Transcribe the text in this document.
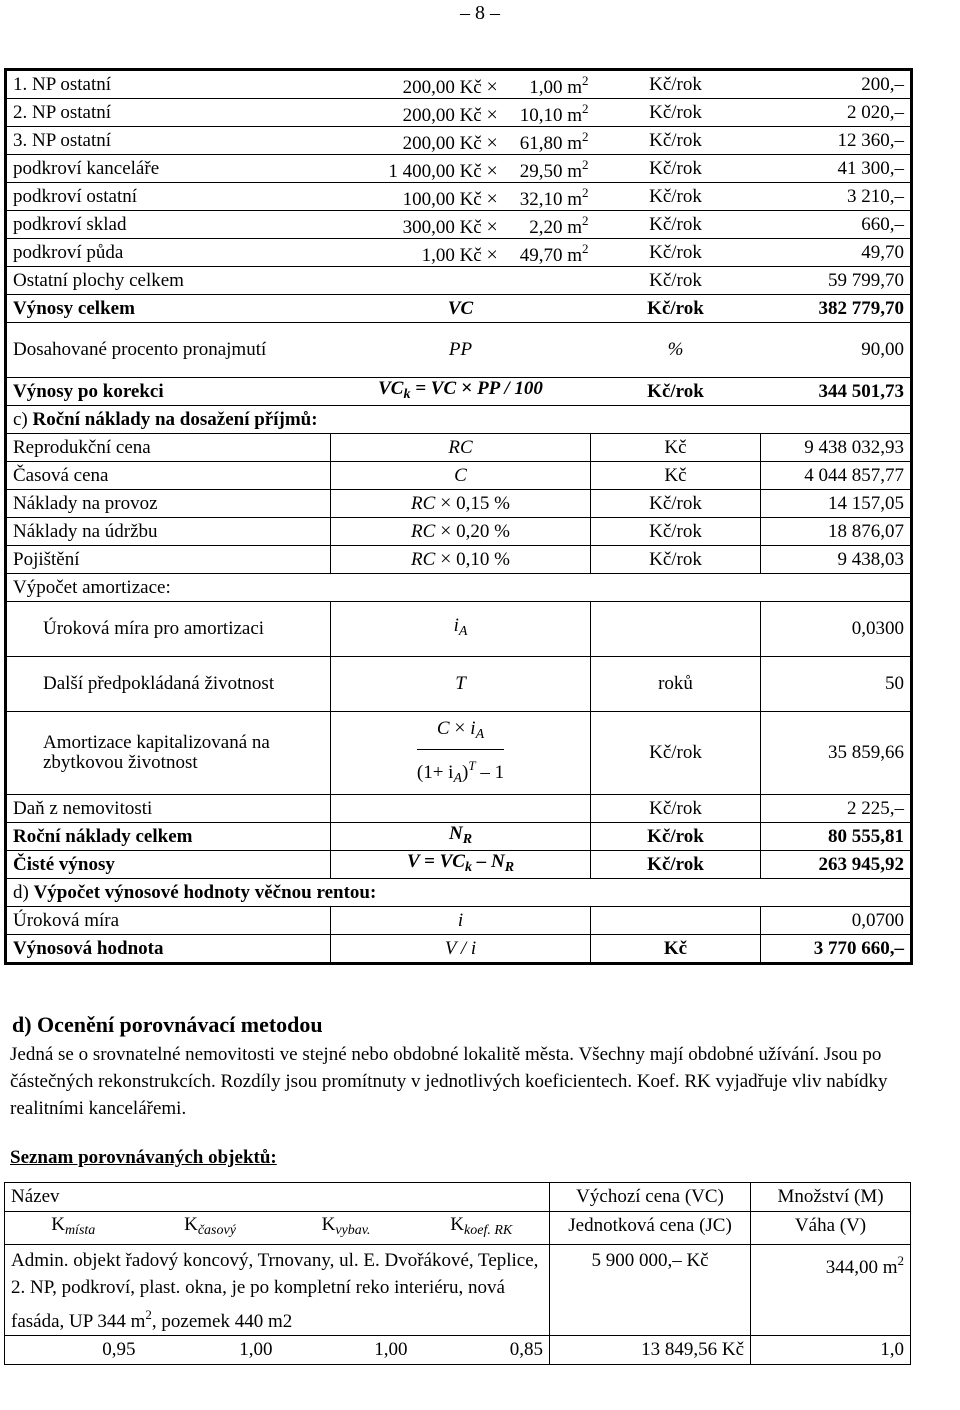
– 8 –
1. NP ostatní	200,00 Kč × 1,00 $m^2$	Kč/rok	200,–
2. NP ostatní	200,00 Kč × 10,10 $m^2$	Kč/rok	2 020,–
3. NP ostatní	200,00 Kč × 61,80 $m^2$	Kč/rok	12 360,–
podkroví kanceláře	1 400,00 Kč × 29,50 $m^2$	Kč/rok	41 300,–
podkroví ostatní	100,00 Kč × 32,10 $m^2$	Kč/rok	3 210,–
podkroví sklad	300,00 Kč × 2,20 $m^2$	Kč/rok	660,–
podkroví půda	1,00 Kč × 49,70 $m^2$	Kč/rok	49,70
Ostatní plochy celkem		Kč/rok	59 799,70
Výnosy celkem	VC	Kč/rok	382 779,70
Dosahované procento pronajmutí	PP	%	90,00
Výnosy po korekci	$VC_k$ = VC × PP / 100	Kč/rok	344 501,73
c) Roční náklady na dosažení příjmů:			
Reprodukční cena	RC	Kč	9 438 032,93
Časová cena	C	Kč	4 044 857,77
Náklady na provoz	RC × 0,15 %	Kč/rok	14 157,05
Náklady na údržbu	RC × 0,20 %	Kč/rok	18 876,07
Pojištění	RC × 0,10 %	Kč/rok	9 438,03
Výpočet amortizace:			
Úroková míra pro amortizaci	$i_A$		0,0300
Další předpokládaná životnost	T	roků	50
Amortizace kapitalizovaná na zbytkovou životnost	$\frac{C \times i_A}{(1+ i_A)^T - 1}$	Kč/rok	35 859,66
Daň z nemovitosti		Kč/rok	2 225,–
Roční náklady celkem	$N_R$	Kč/rok	80 555,81
Čisté výnosy	$V = VC_k - N_R$	Kč/rok	263 945,92
d) Výpočet výnosové hodnoty věčnou rentou:			
Úroková míra	i		0,0700
Výnosová hodnota	V / i	Kč	3 770 660,–
d) Ocenění porovnávací metodou
Jedná se o srovnatelné nemovitosti ve stejné nebo obdobné lokalitě města. Všechny mají obdobné užívání. Jsou po částečných rekonstrukcích. Rozdíly jsou promítnuty v jednotlivých koeficientech. Koef. RK vyjadřuje vliv nabídky realitními kancelářemi.
Seznam porovnávaných objektů:
Název				Výchozí cena (VC)	Množství (M)
$K_{místa}$	$K_{časový}$	$K_{vybav.}$	$K_{koef. RK}$	Jednotková cena (JC)	Váha (V)
Admin. objekt řadový koncový, Trnovany, ul. E. Dvořákové, Teplice, 2. NP, podkroví, plast. okna, je po kompletní reko interiéru, nová fasáda, UP 344 $m^2$, pozemek 440 m2				5 900 000,– Kč	344,00 $m^2$
0,95	1,00	1,00	0,85	13 849,56 Kč	1,0
